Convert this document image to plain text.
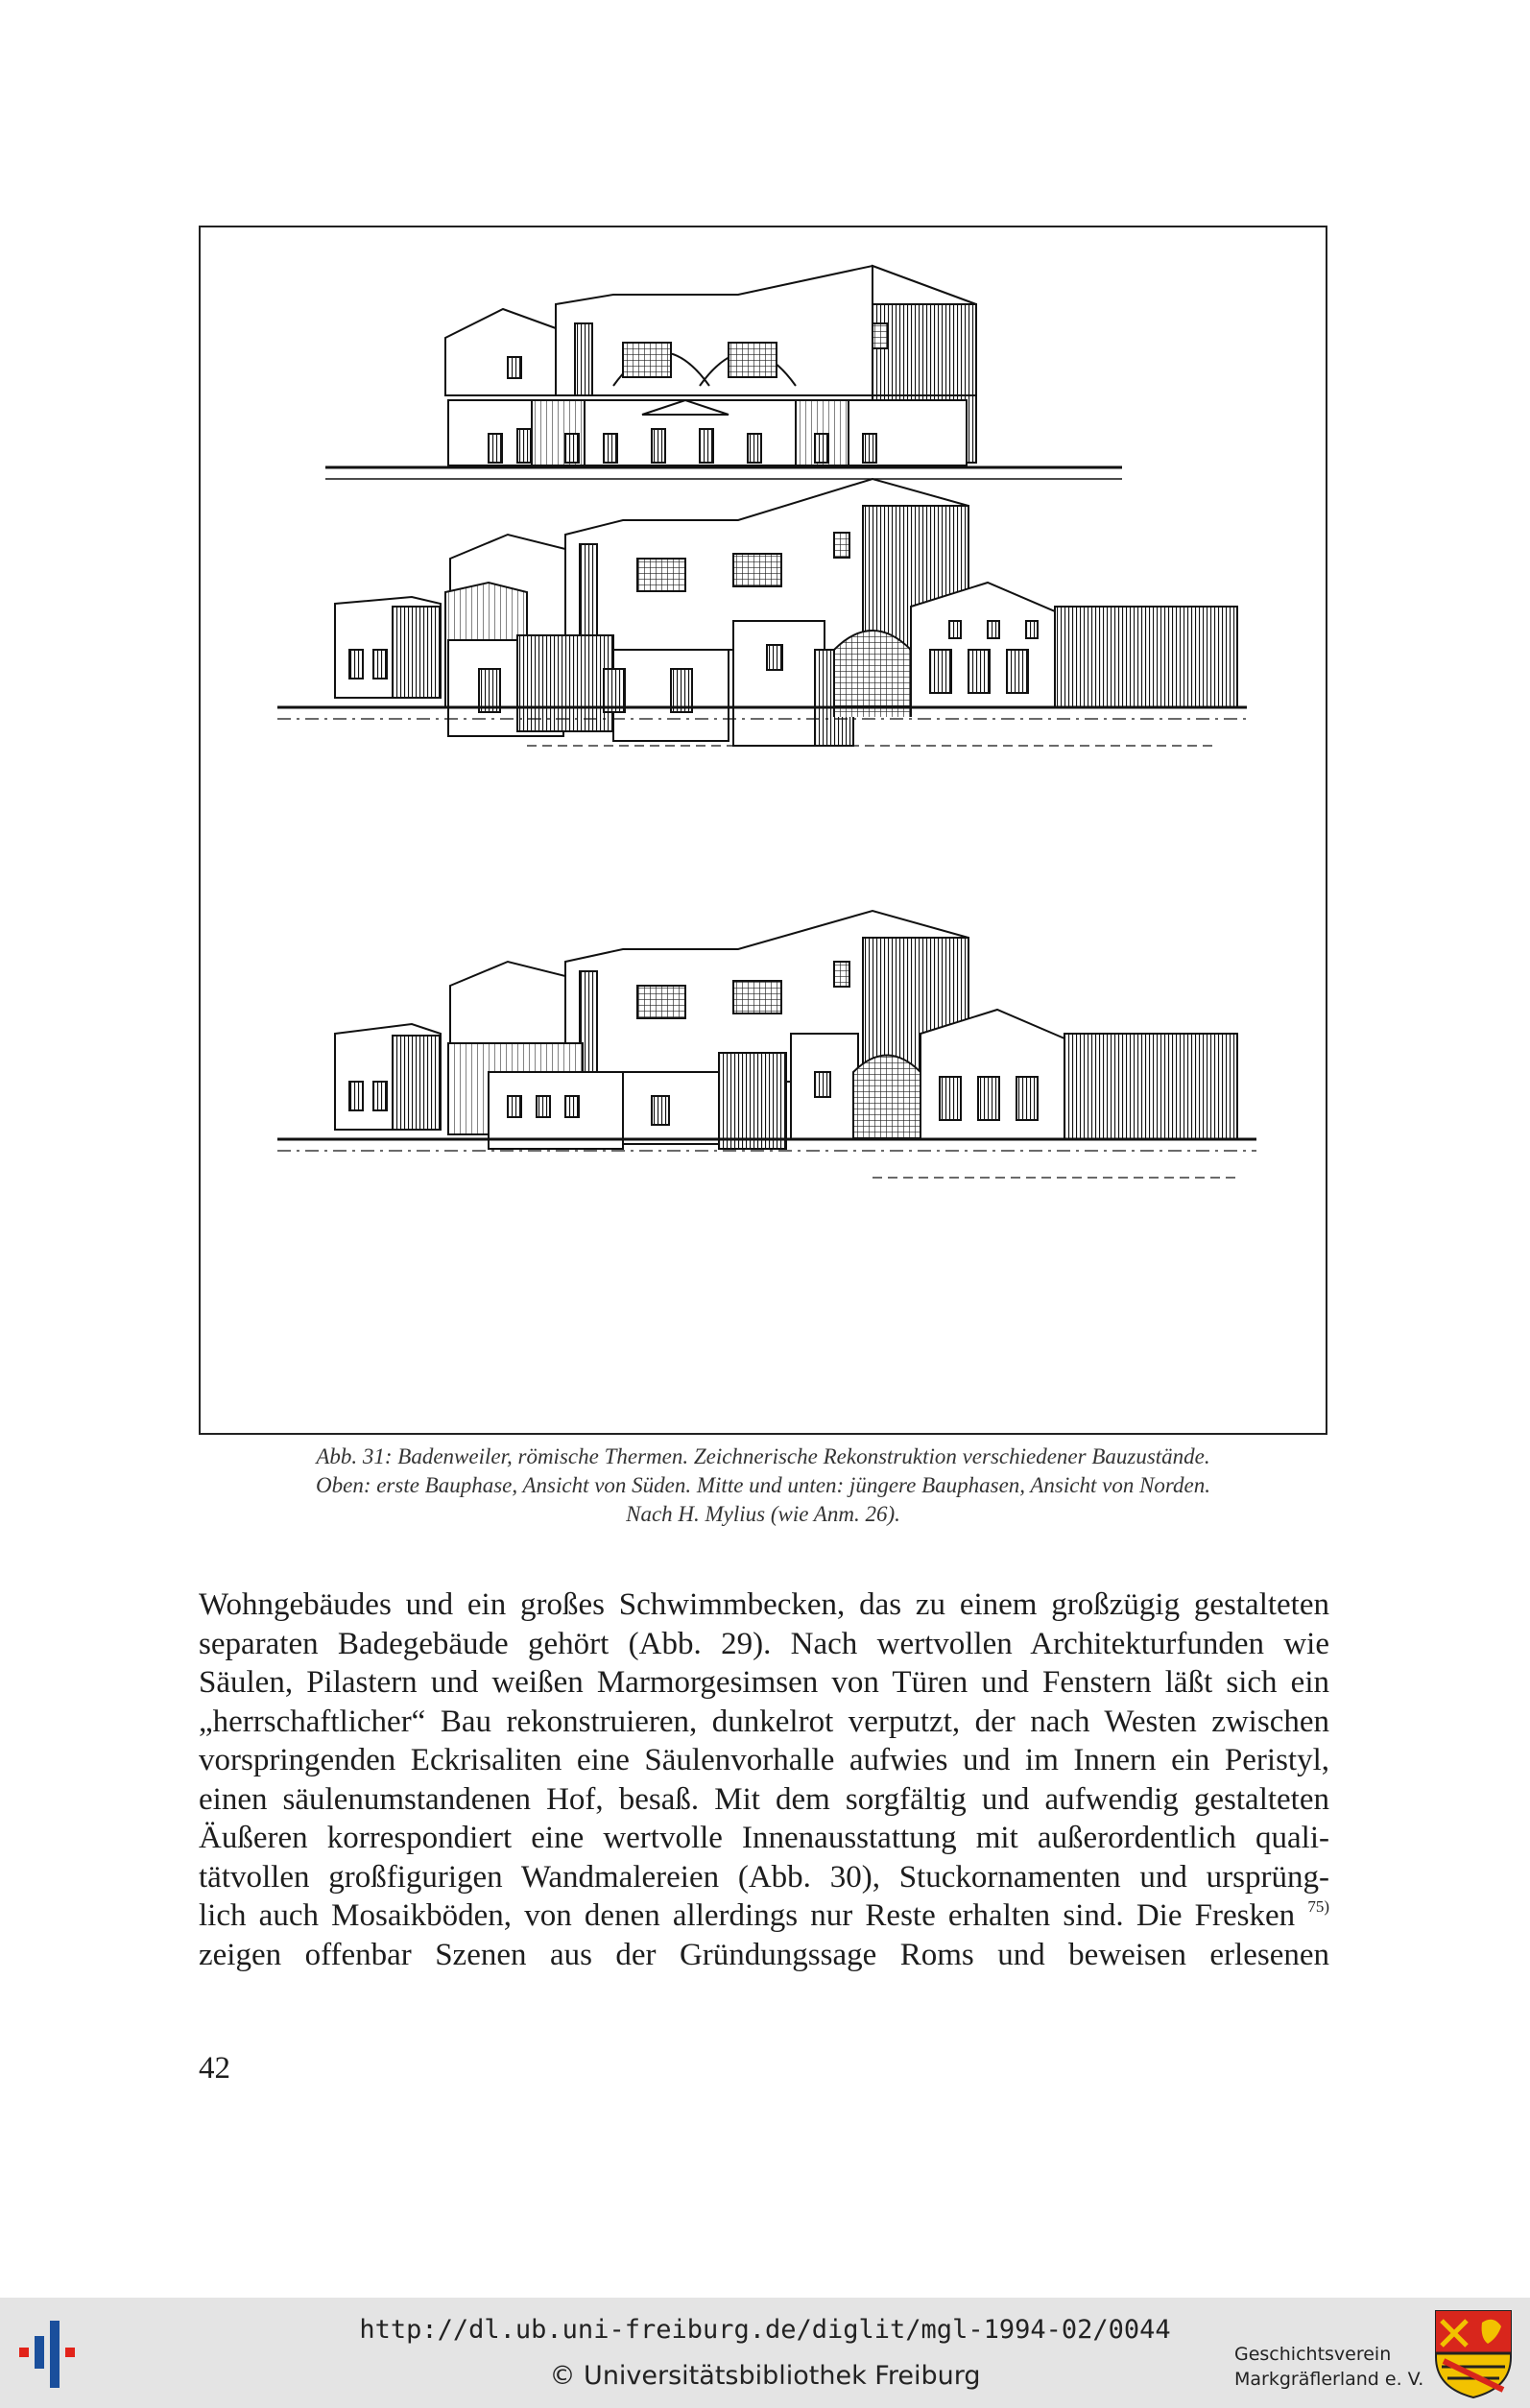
Abb. 31: Badenweiler, römische Thermen. Zeichnerische Rekonstruktion verschiedener Bauzustände.
Oben: erste Bauphase, Ansicht von Süden. Mitte und unten: jüngere Bauphasen, Ansicht von Norden.
Nach H. Mylius (wie Anm. 26).
Wohngebäudes und ein großes Schwimmbecken, das zu einem großzügig gestalteten
separaten Badegebäude gehört (Abb. 29). Nach wertvollen Architekturfunden wie
Säulen, Pilastern und weißen Marmorgesimsen von Türen und Fenstern läßt sich ein
„herrschaftlicher“ Bau rekonstruieren, dunkelrot verputzt, der nach Westen zwischen
vorspringenden Eckrisaliten eine Säulenvorhalle aufwies und im Innern ein Peristyl,
einen säulenumstandenen Hof, besaß. Mit dem sorgfältig und aufwendig gestalteten
Äußeren korrespondiert eine wertvolle Innenausstattung mit außerordentlich quali-
tätvollen großfigurigen Wandmalereien (Abb. 30), Stuckornamenten und ursprüng-
lich auch Mosaikböden, von denen allerdings nur Reste erhalten sind. Die Fresken $^{75)}$
zeigen offenbar Szenen aus der Gründungssage Roms und beweisen erlesenen
42
http://dl.ub.uni-freiburg.de/diglit/mgl-1994-02/0044
© Universitätsbibliothek Freiburg
Geschichtsverein
Markgräflerland e. V.
